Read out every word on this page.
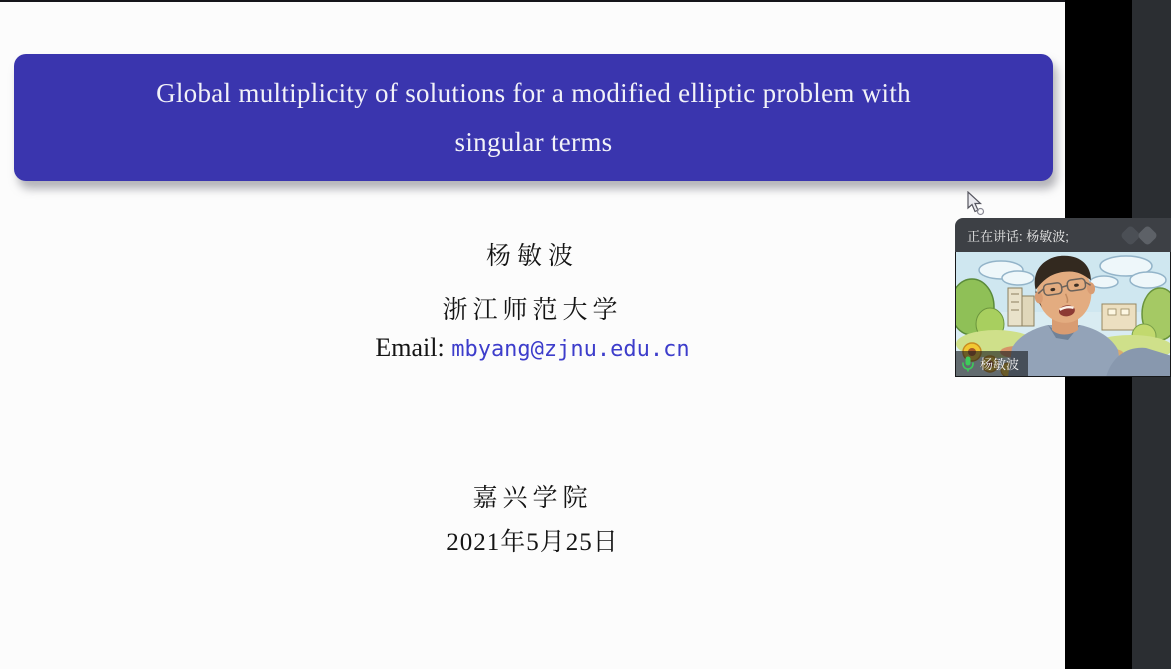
Global multiplicity of solutions for a modified elliptic problem with
singular terms
杨敏波
浙江师范大学
Email: mbyang@zjnu.edu.cn
嘉兴学院
2021年5月25日
正在讲话: 杨敏波;
杨敏波
